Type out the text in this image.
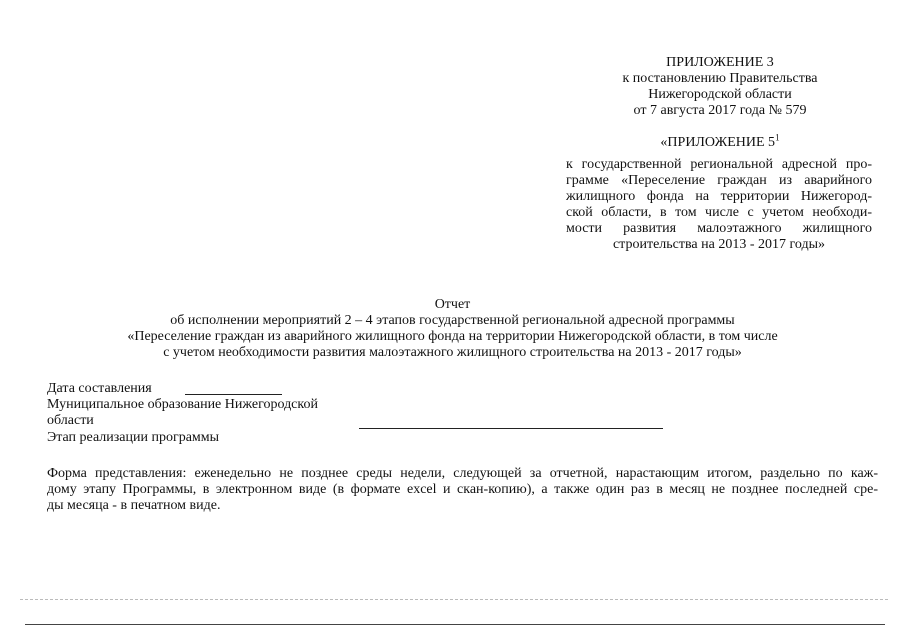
ПРИЛОЖЕНИЕ 3
к постановлению Правительства
Нижегородской области
от 7 августа 2017 года № 579
«ПРИЛОЖЕНИЕ $5^1$
к государственной региональной адресной про-
грамме «Переселение граждан из аварийного
жилищного фонда на территории Нижегород-
ской области, в том числе с учетом необходи-
мости развития малоэтажного жилищного
строительства на 2013 - 2017 годы»
Отчет
об исполнении мероприятий 2 – 4 этапов государственной региональной адресной программы
«Переселение граждан из аварийного жилищного фонда на территории Нижегородской области, в том числе
с учетом необходимости развития малоэтажного жилищного строительства на 2013 - 2017 годы»
Дата составления
Муниципальное образование Нижегородской
области
Этап реализации программы
Форма представления: еженедельно не позднее среды недели, следующей за отчетной, нарастающим итогом, раздельно по каж-
дому этапу Программы, в электронном виде (в формате excel и скан-копию), а также один раз в месяц не позднее последней сре-
ды месяца - в печатном виде.
